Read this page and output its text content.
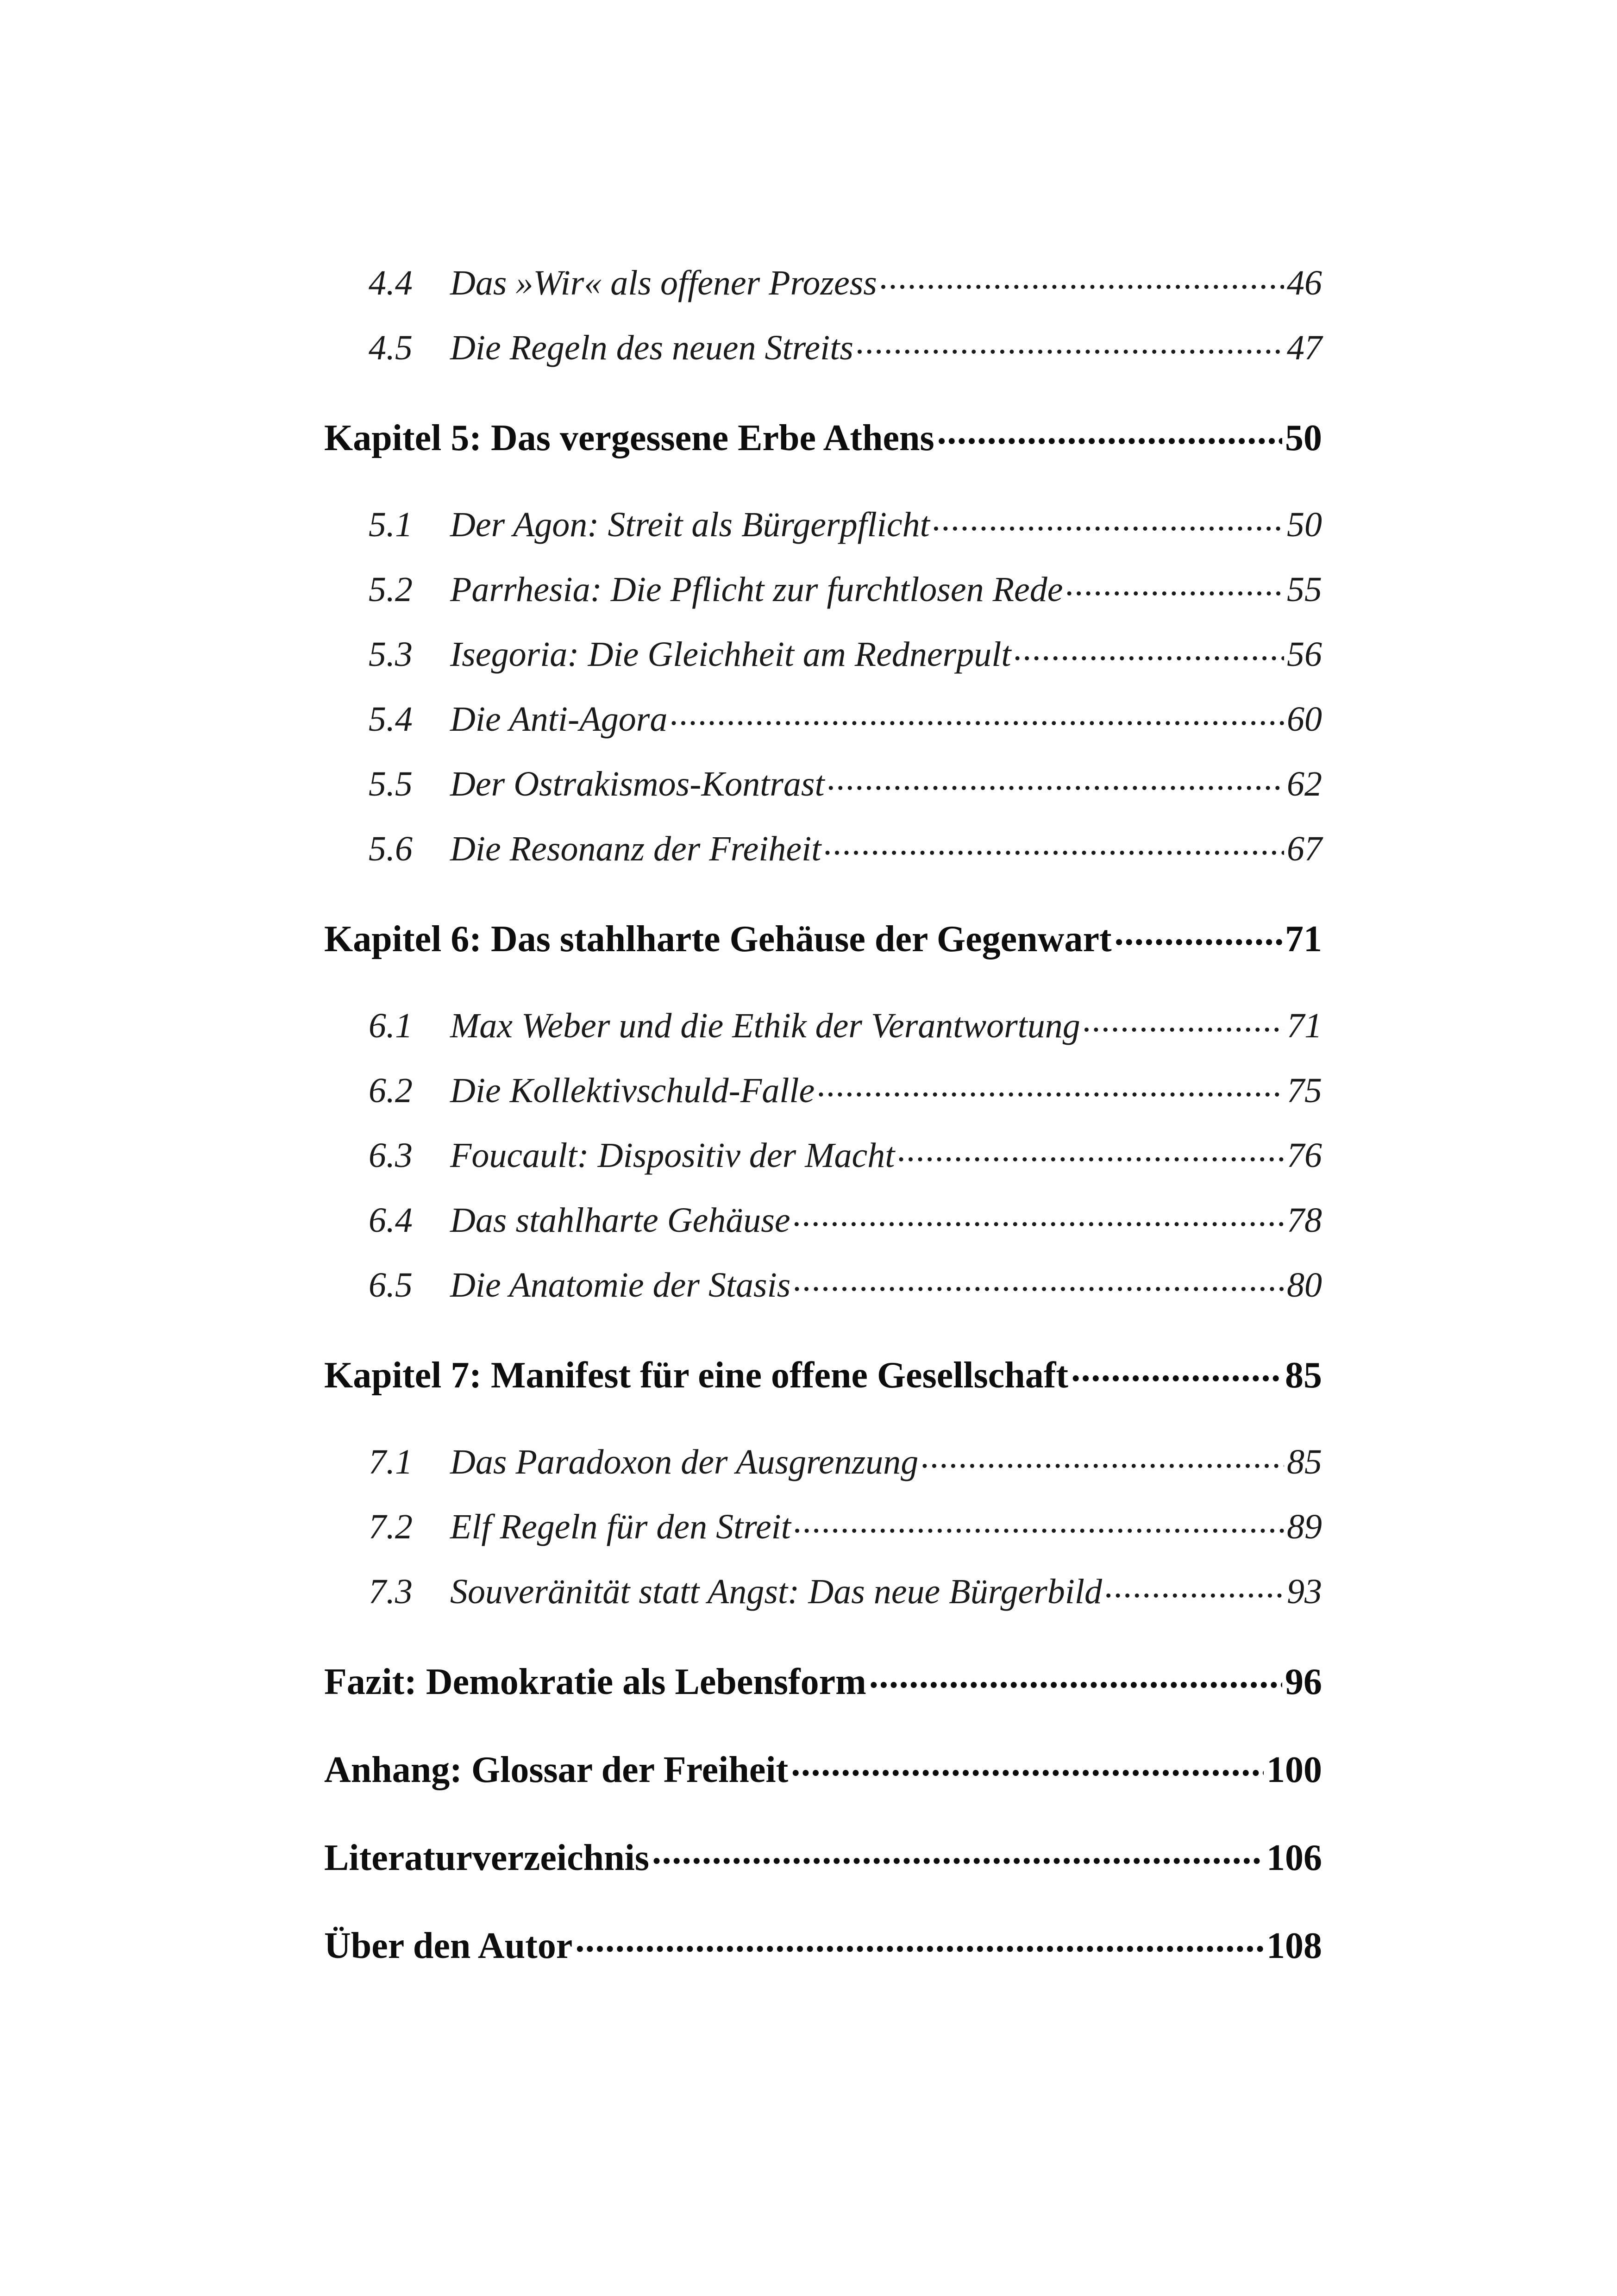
4.4 Das »Wir« als offener Prozess .....	46
4.5 Die Regeln des neuen Streits .....	47
Kapitel 5: Das vergessene Erbe Athens .....	50
5.1 Der Agon: Streit als Bürgerpflicht .....	50
5.2 Parrhesia: Die Pflicht zur furchtlosen Rede .....	55
5.3 Isegoria: Die Gleichheit am Rednerpult .....	56
5.4 Die Anti-Agora .....	60
5.5 Der Ostrakismos-Kontrast .....	62
5.6 Die Resonanz der Freiheit .....	67
Kapitel 6: Das stahlharte Gehäuse der Gegenwart .....	71
6.1 Max Weber und die Ethik der Verantwortung .....	71
6.2 Die Kollektivschuld-Falle .....	75
6.3 Foucault: Dispositiv der Macht .....	76
6.4 Das stahlharte Gehäuse .....	78
6.5 Die Anatomie der Stasis .....	80
Kapitel 7: Manifest für eine offene Gesellschaft .....	85
7.1 Das Paradoxon der Ausgrenzung .....	85
7.2 Elf Regeln für den Streit .....	89
7.3 Souveränität statt Angst: Das neue Bürgerbild .....	93
Fazit: Demokratie als Lebensform .....	96
Anhang: Glossar der Freiheit .....	100
Literaturverzeichnis .....	106
Über den Autor .....	108
